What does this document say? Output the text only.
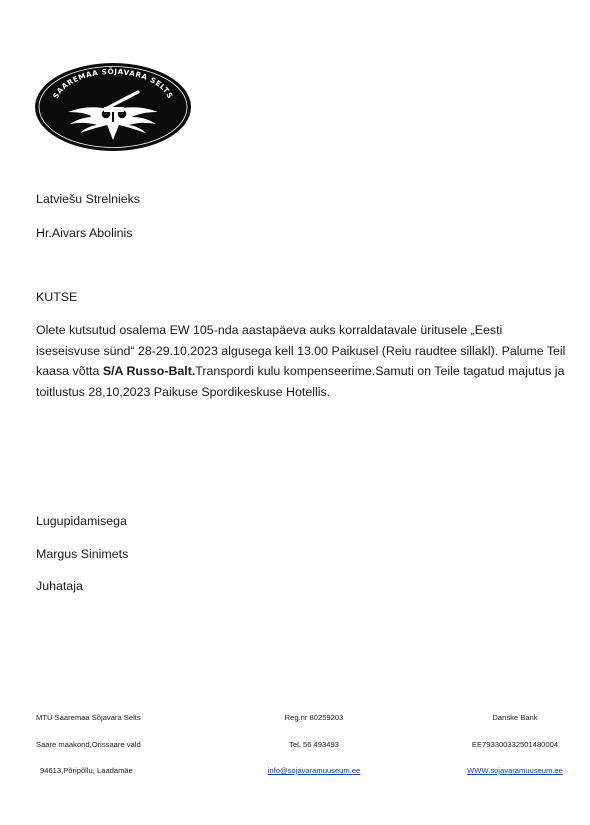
SAAREMAA SÕJAVARA SELTS
Latviešu Strelnieks
Hr.Aivars Abolinis
KUTSE
Olete kutsutud osalema EW 105-nda aastapäeva auks korraldatavale üritusele „Eesti iseseisvuse sünd“ 28-29.10.2023 algusega kell 13.00 Paikusel (Reiu raudtee sillakl). Palume Teil kaasa võtta S/A Russo-Balt.Transpordi kulu kompenseerime.Samuti on Teile tagatud majutus ja toitlustus 28,10,2023 Paikuse Spordikeskuse Hotellis.
Lugupidamisega
Margus Sinimets
Juhataja
MTÜ Saaremaa Sõjavara Selts
Saare maakond,Orissaare vald
94613,Põripõllu, Laadamäe
Reg.nr 80259203
Tel. 56 493493
info@sojavaramuuseum.ee
Danske Bank
EE793300332501480004
WWW.sojavaramuuseum.ee
